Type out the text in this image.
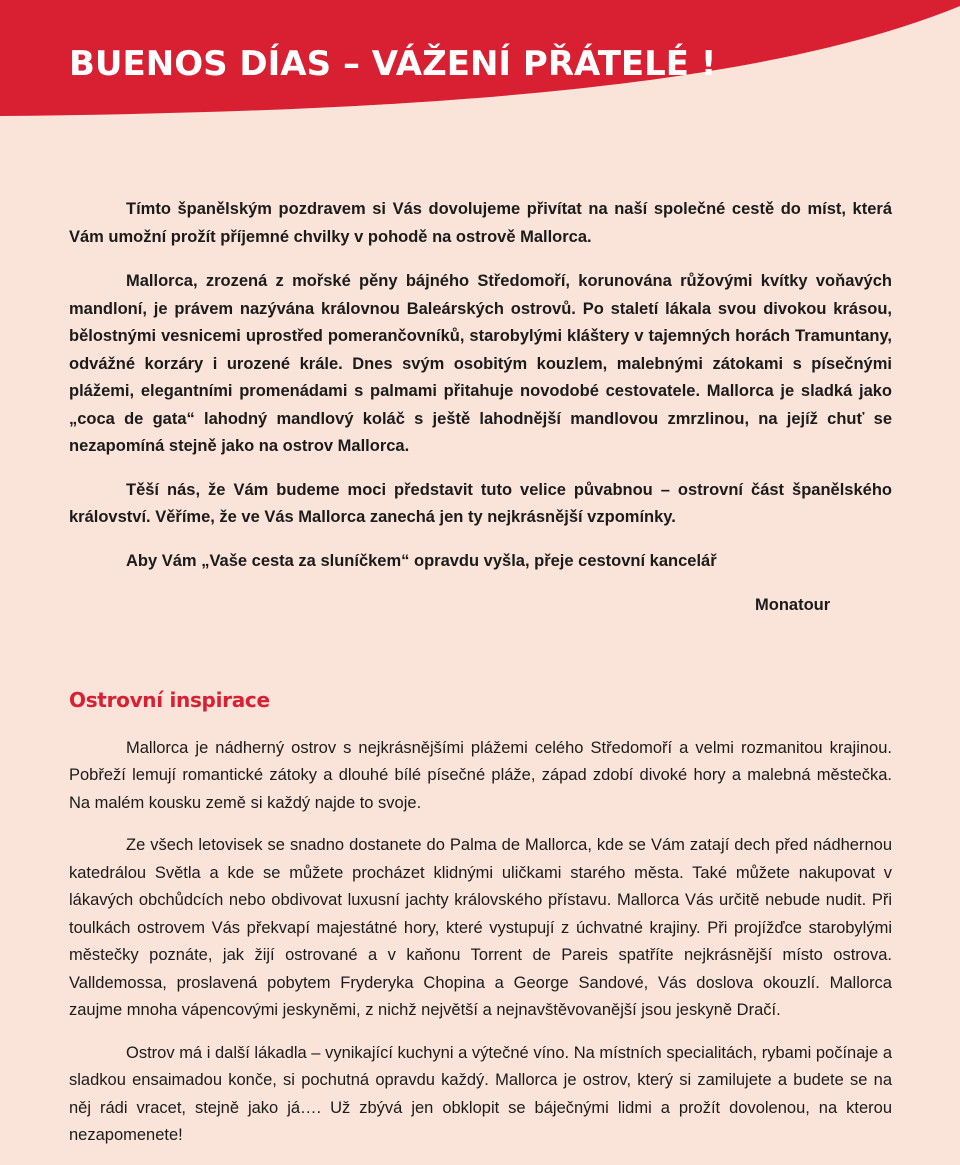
BUENOS DÍAS – VÁŽENÍ PŘÁTELÉ !

Tímto španělským pozdravem si Vás dovolujeme přivítat na naší společné cestě do míst, která Vám umožní prožít příjemné chvilky v pohodě na ostrově Mallorca.

Mallorca, zrozená z mořské pěny bájného Středomoří, korunována růžovými kvítky voňavých mandloní, je právem nazývána královnou Baleárských ostrovů. Po staletí lákala svou divokou krásou, bělostnými vesnicemi uprostřed pomerančovníků, starobylými kláštery v tajemných horách Tramuntany, odvážné korzáry i urozené krále. Dnes svým osobitým kouzlem, malebnými zátokami s písečnými plážemi, elegantními promenádami s palmami přitahuje novodobé cestovatele. Mallorca je sladká jako „coca de gata“ lahodný mandlový koláč s ještě lahodnější mandlovou zmrzlinou, na jejíž chuť se nezapomíná stejně jako na ostrov Mallorca.

Těší nás, že Vám budeme moci představit tuto velice půvabnou – ostrovní část španělského království. Věříme, že ve Vás Mallorca zanechá jen ty nejkrásnější vzpomínky.

Aby Vám „Vaše cesta za sluníčkem“ opravdu vyšla, přeje cestovní kancelář

Monatour
Ostrovní inspirace

Mallorca je nádherný ostrov s nejkrásnějšími plážemi celého Středomoří a velmi rozmanitou krajinou. Pobřeží lemují romantické zátoky a dlouhé bílé písečné pláže, západ zdobí divoké hory a malebná městečka. Na malém kousku země si každý najde to svoje.

Ze všech letovisek se snadno dostanete do Palma de Mallorca, kde se Vám zatají dech před nádhernou katedrálou Světla a kde se můžete procházet klidnými uličkami starého města. Také můžete nakupovat v lákavých obchůdcích nebo obdivovat luxusní jachty královského přístavu. Mallorca Vás určitě nebude nudit. Při toulkách ostrovem Vás překvapí majestátné hory, které vystupují z úchvatné krajiny. Při projížďce starobylými městečky poznáte, jak žijí ostrované a v kaňonu Torrent de Pareis spatříte nejkrásnější místo ostrova. Valldemossa, proslavená pobytem Fryderyka Chopina a George Sandové, Vás doslova okouzlí. Mallorca zaujme mnoha vápencovými jeskyněmi, z nichž největší a nejnavštěvovanější jsou jeskyně Dračí.

Ostrov má i další lákadla – vynikající kuchyni a výtečné víno. Na místních specialitách, rybami počínaje a sladkou ensaimadou konče, si pochutná opravdu každý. Mallorca je ostrov, který si zamilujete a budete se na něj rádi vracet, stejně jako já…. Už zbývá jen obklopit se báječnými lidmi a prožít dovolenou, na kterou nezapomenete!
